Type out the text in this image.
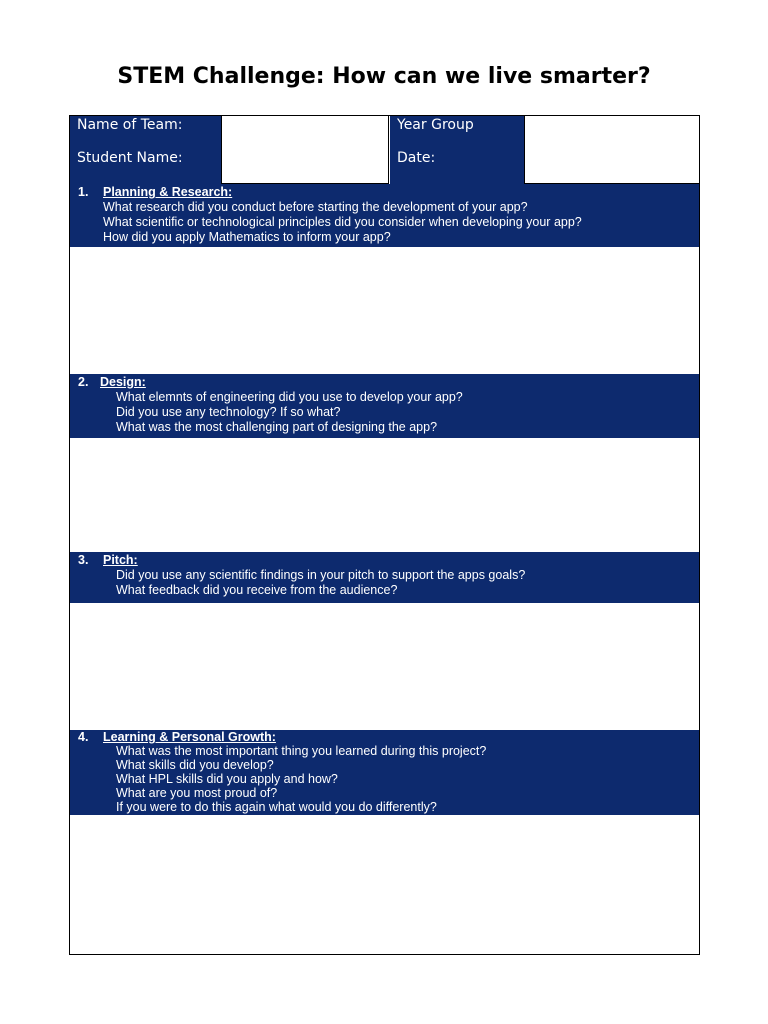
STEM Challenge: How can we live smarter?
Name of Team:	Year Group
Student Name:	Date:
1. Planning & Research:
What research did you conduct before starting the development of your app?
What scientific or technological principles did you consider when developing your app?
How did you apply Mathematics to inform your app?
2. Design:
What elemnts of engineering did you use to develop your app?
Did you use any technology? If so what?
What was the most challenging part of designing the app?
3. Pitch:
Did you use any scientific findings in your pitch to support the apps goals?
What feedback did you receive from the audience?
4. Learning & Personal Growth:
What was the most important thing you learned during this project?
What skills did you develop?
What HPL skills did you apply and how?
What are you most proud of?
If you were to do this again what would you do differently?
